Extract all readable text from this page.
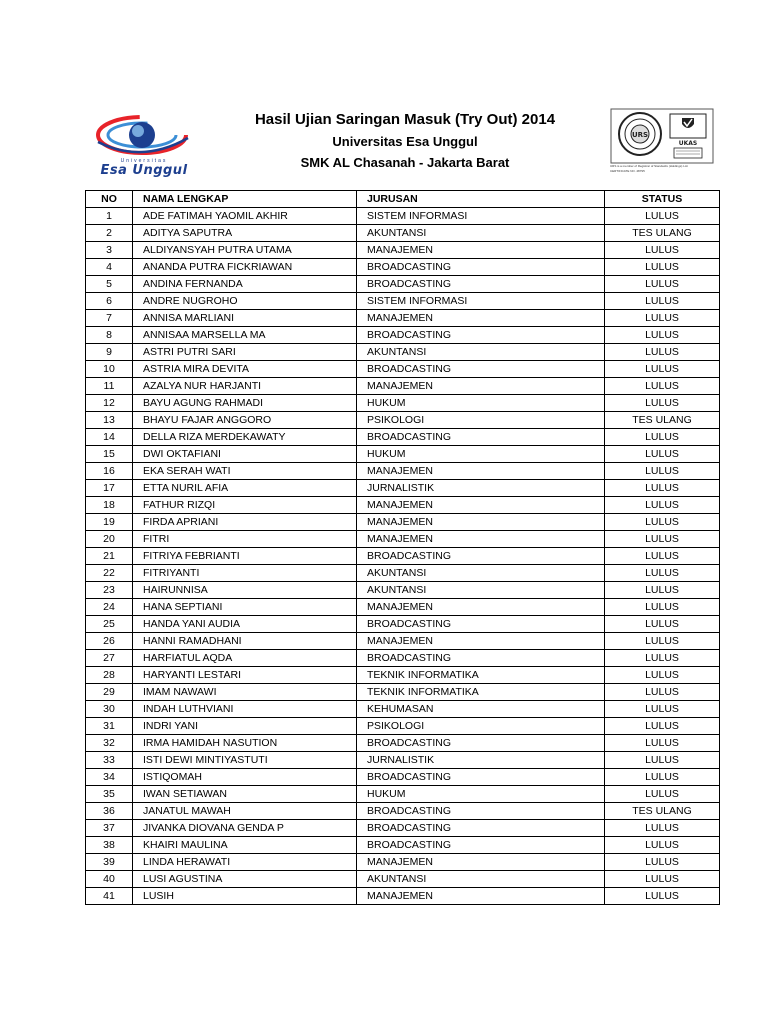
Universitas
Esa Unggul
Hasil Ujian Saringan Masuk (Try Out) 2014
Universitas Esa Unggul
SMK AL Chasanah - Jakarta Barat
URS
UKAS
URS is a member of Registrar of Standards (Holdings) Ltd.
CERTIFICATE NO. 48795
NO	NAMA LENGKAP	JURUSAN	STATUS
1	ADE FATIMAH YAOMIL AKHIR	SISTEM INFORMASI	LULUS
2	ADITYA SAPUTRA	AKUNTANSI	TES ULANG
3	ALDIYANSYAH PUTRA UTAMA	MANAJEMEN	LULUS
4	ANANDA PUTRA FICKRIAWAN	BROADCASTING	LULUS
5	ANDINA FERNANDA	BROADCASTING	LULUS
6	ANDRE NUGROHO	SISTEM INFORMASI	LULUS
7	ANNISA MARLIANI	MANAJEMEN	LULUS
8	ANNISAA MARSELLA MA	BROADCASTING	LULUS
9	ASTRI PUTRI SARI	AKUNTANSI	LULUS
10	ASTRIA MIRA DEVITA	BROADCASTING	LULUS
11	AZALYA NUR HARJANTI	MANAJEMEN	LULUS
12	BAYU AGUNG RAHMADI	HUKUM	LULUS
13	BHAYU FAJAR ANGGORO	PSIKOLOGI	TES ULANG
14	DELLA RIZA MERDEKAWATY	BROADCASTING	LULUS
15	DWI OKTAFIANI	HUKUM	LULUS
16	EKA SERAH WATI	MANAJEMEN	LULUS
17	ETTA NURIL AFIA	JURNALISTIK	LULUS
18	FATHUR RIZQI	MANAJEMEN	LULUS
19	FIRDA APRIANI	MANAJEMEN	LULUS
20	FITRI	MANAJEMEN	LULUS
21	FITRIYA FEBRIANTI	BROADCASTING	LULUS
22	FITRIYANTI	AKUNTANSI	LULUS
23	HAIRUNNISA	AKUNTANSI	LULUS
24	HANA SEPTIANI	MANAJEMEN	LULUS
25	HANDA YANI AUDIA	BROADCASTING	LULUS
26	HANNI RAMADHANI	MANAJEMEN	LULUS
27	HARFIATUL AQDA	BROADCASTING	LULUS
28	HARYANTI LESTARI	TEKNIK INFORMATIKA	LULUS
29	IMAM NAWAWI	TEKNIK INFORMATIKA	LULUS
30	INDAH LUTHVIANI	KEHUMASAN	LULUS
31	INDRI YANI	PSIKOLOGI	LULUS
32	IRMA HAMIDAH NASUTION	BROADCASTING	LULUS
33	ISTI DEWI MINTIYASTUTI	JURNALISTIK	LULUS
34	ISTIQOMAH	BROADCASTING	LULUS
35	IWAN SETIAWAN	HUKUM	LULUS
36	JANATUL MAWAH	BROADCASTING	TES ULANG
37	JIVANKA DIOVANA GENDA P	BROADCASTING	LULUS
38	KHAIRI MAULINA	BROADCASTING	LULUS
39	LINDA HERAWATI	MANAJEMEN	LULUS
40	LUSI AGUSTINA	AKUNTANSI	LULUS
41	LUSIH	MANAJEMEN	LULUS
